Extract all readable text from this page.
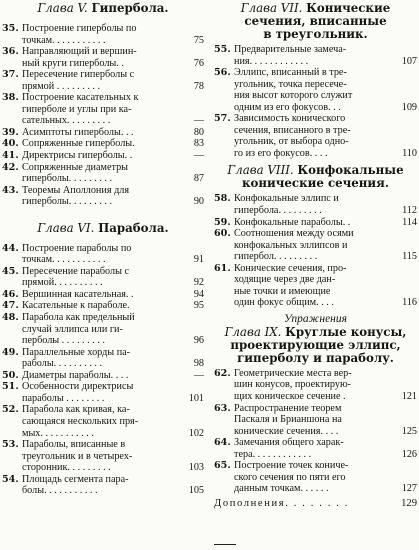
Глава V. Гипербола.
35. Построение гиперболы по
точкам. . . . . . . . . . .	75
36. Направляющий и вершин-
ный круги гиперболы. .	76
37. Пересечение гиперболы с
прямой . . . . . . . . .	78
38. Построение касательных к
гиперболе и углы при ка-
сательных. . . . . . . . .	—
39. Асимптоты гиперболы. . .	80
40. Сопряженные гиперболы.	83
41. Директрисы гиперболы. .	—
42. Сопряженные диаметры
гиперболы. . . . . . . . .	87
43. Теоремы Аполлония для
гиперболы. . . . . . . . .	90
Глава VI. Парабола.
44. Построение параболы по
точкам. . . . . . . . . . .	91
45. Пересечение параболы с
прямой. . . . . . . . . .	92
46. Вершинная касательная. .	94
47. Касательные к параболе.	95
48. Парабола как предельный
случай эллипса или ги-
перболы . . . . . . . . .	96
49. Параллельные хорды па-
раболы. . . . . . . . . .	98
50. Диаметры параболы. . . .	—
51. Особенности директрисы
параболы . . . . . . . .	101
52. Парабола как кривая, ка-
сающаяся нескольких пря-
мых. . . . . . . . . . .	102
53. Параболы, вписанные в
треугольник и в четырех-
сторонник. . . . . . . . .	103
54. Площадь сегмента пара-
болы. . . . . . . . . . .	105
Глава VII. Конические
сечения, вписанные
в треугольник.
55. Предварительные замеча-
ния. . . . . . . . . . . .	107
56. Эллипс, вписанный в тре-
угольник, точка пересече-
ния высот которого служит
одним из его фокусов. . .	109
57. Зависимость конического
сечения, вписанного в тре-
угольник, от выбора одно-
го из его фокусов. . . .	110
Глава VIII. Конфокальные
конические сечения.
58. Конфокальные эллипс и
гипербола. . . . . . . . .	112
59. Конфокальные параболы. .	114
60. Соотношения между осями
конфокальных эллипсов и
гипербол. . . . . . . . .	115
61. Конические сечения, про-
ходящие через две дан-
ные точки и имеющие
один фокус общим. . . .	116
Упражнения
Глава IX. Круглые конусы,
проектирующие эллипс,
гиперболу и параболу.
62. Геометрические места вер-
шин конусов, проектирую-
щих коническое сечение .	121
63. Распространение теорем
Паскаля и Брианшона на
конические сечения. . . .	125
64. Замечания общего харак-
тера. . . . . . . . . . . .	126
65. Построение точек кониче-
ского сечения по пяти его
данным точкам. . . . . .	127
Дополнения. . . . . . . .	129
